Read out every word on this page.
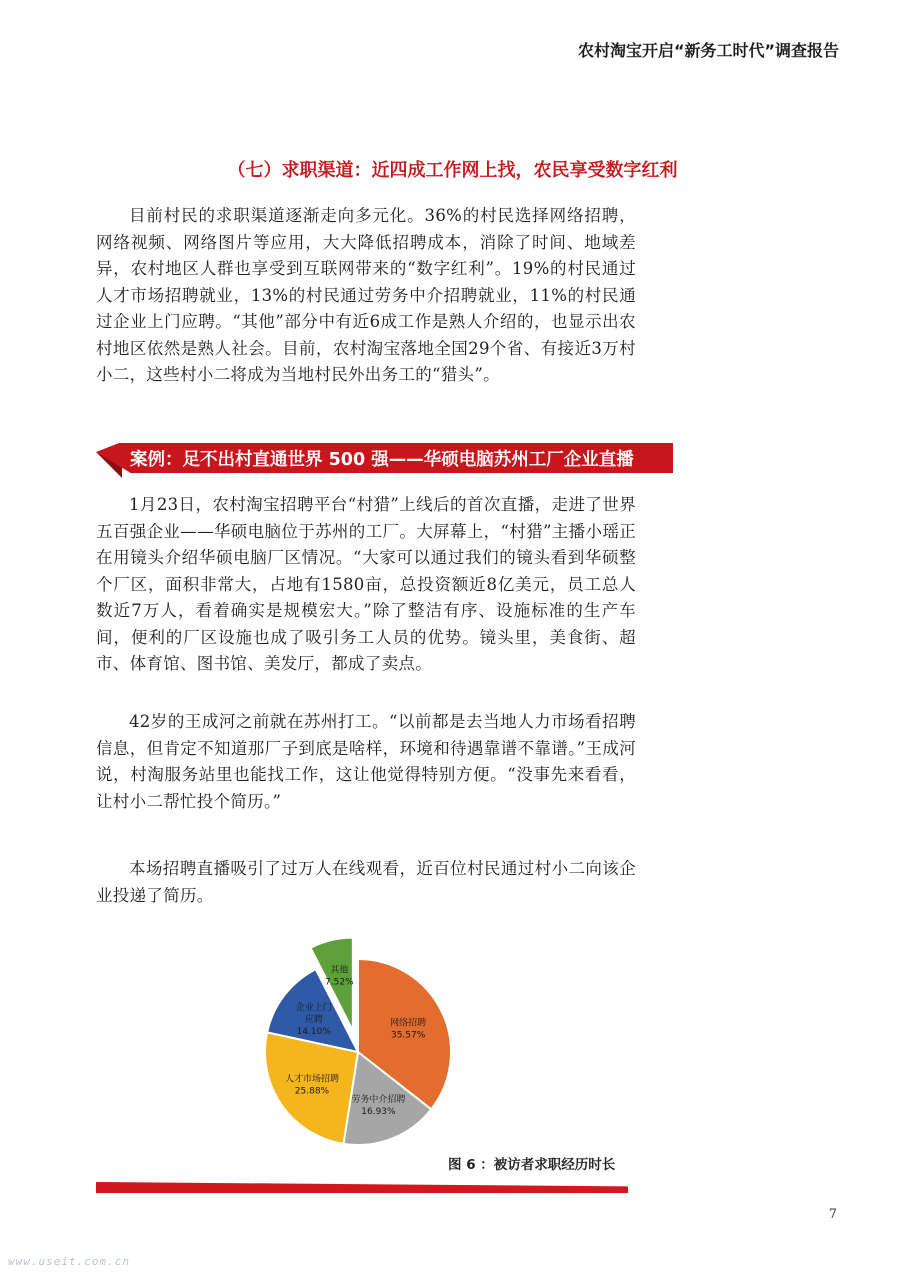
农村淘宝开启“新务工时代”调查报告
（七）求职渠道：近四成工作网上找，农民享受数字红利

目前村民的求职渠道逐渐走向多元化。36%的村民选择网络招聘，网络视频、网络图片等应用，大大降低招聘成本，消除了时间、地域差异，农村地区人群也享受到互联网带来的“数字红利”。19%的村民通过人才市场招聘就业，13%的村民通过劳务中介招聘就业，11%的村民通过企业上门应聘。“其他”部分中有近6成工作是熟人介绍的，也显示出农村地区依然是熟人社会。目前，农村淘宝落地全国29个省、有接近3万村小二，这些村小二将成为当地村民外出务工的“猎头”。

案例：足不出村直通世界 500 强——华硕电脑苏州工厂企业直播

1月23日，农村淘宝招聘平台“村猎”上线后的首次直播，走进了世界五百强企业——华硕电脑位于苏州的工厂。大屏幕上，“村猎”主播小瑶正在用镜头介绍华硕电脑厂区情况。“大家可以通过我们的镜头看到华硕整个厂区，面积非常大，占地有1580亩，总投资额近8亿美元，员工总人数近7万人，看着确实是规模宏大。”除了整洁有序、设施标准的生产车间，便利的厂区设施也成了吸引务工人员的优势。镜头里，美食街、超市、体育馆、图书馆、美发厅，都成了卖点。

42岁的王成河之前就在苏州打工。“以前都是去当地人力市场看招聘信息，但肯定不知道那厂子到底是啥样，环境和待遇靠谱不靠谱。”王成河说，村淘服务站里也能找工作，这让他觉得特别方便。“没事先来看看，让村小二帮忙投个简历。”

本场招聘直播吸引了过万人在线观看，近百位村民通过村小二向该企业投递了简历。

网络招聘
35.57%
劳务中介招聘
16.93%
人才市场招聘
25.88%
企业上门
应聘
14.10%
其他
7.52%
图 6 ：被访者求职经历时长
7
www.useit.com.cn
